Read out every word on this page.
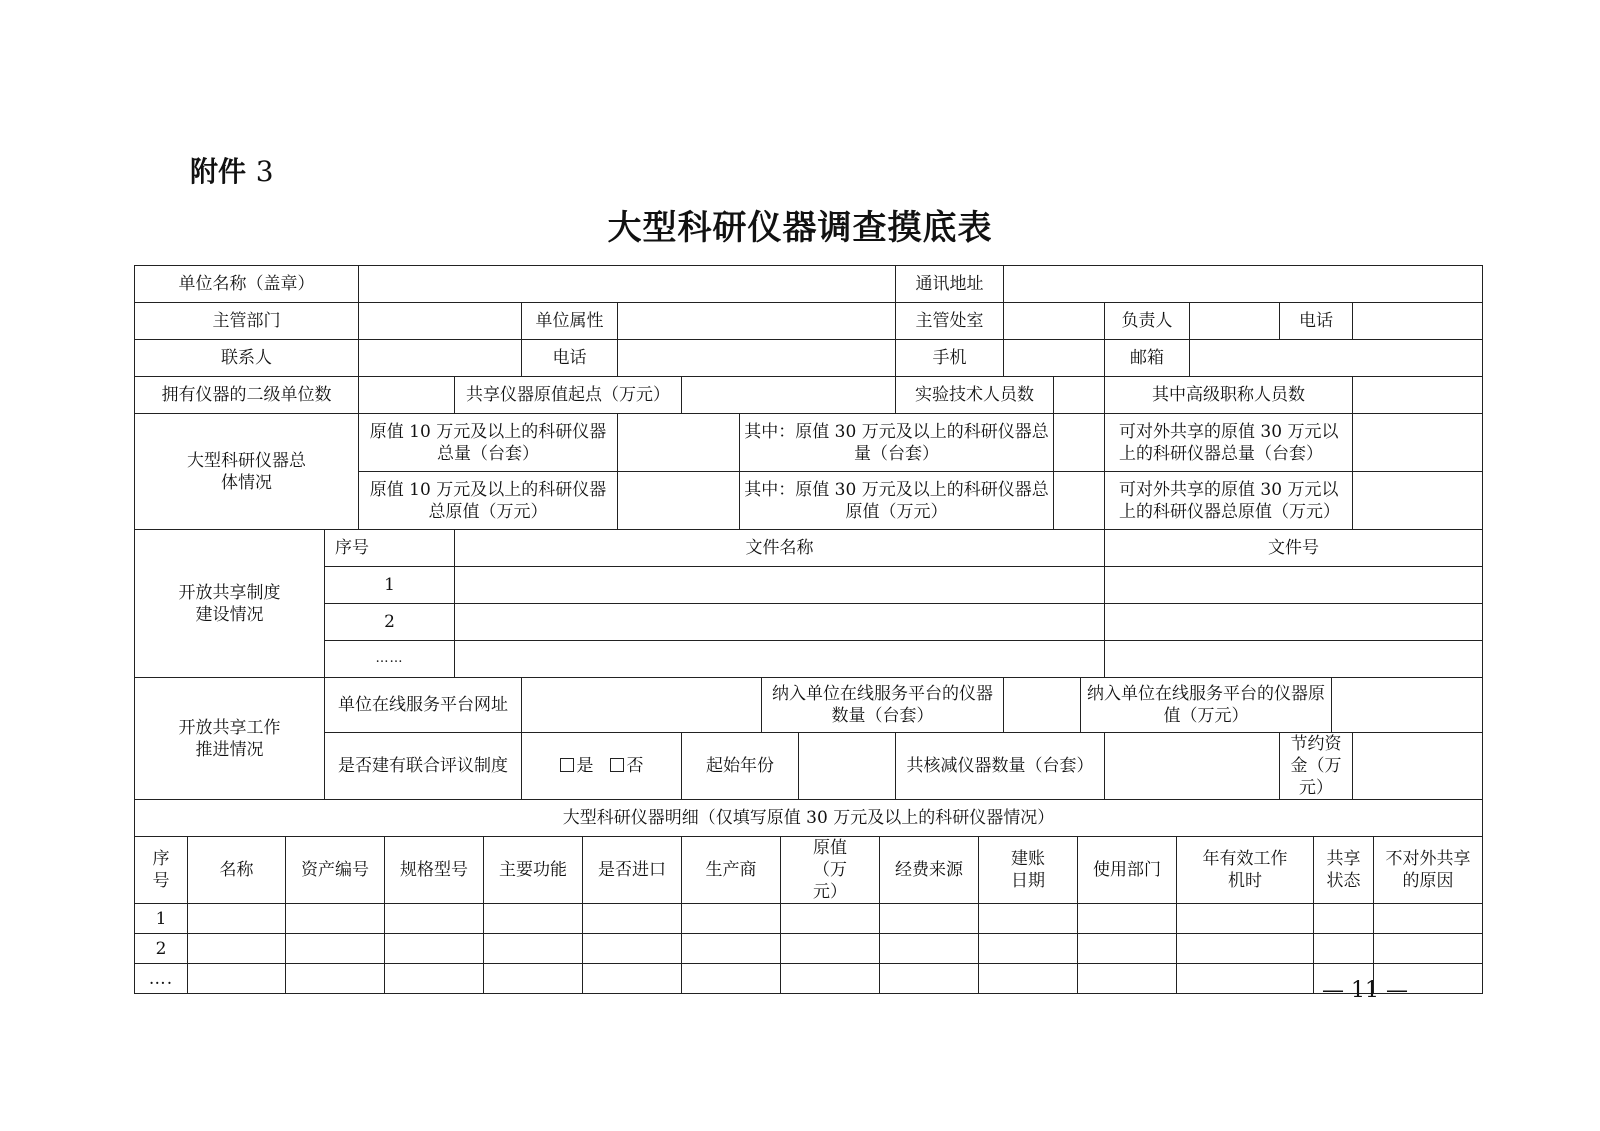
附件 3
大型科研仪器调查摸底表
单位名称（盖章）										通讯地址								
主管部门				单位属性						主管处室				负责人		电话		
联系人				电话						手机				邮箱				
拥有仪器的二级单位数			共享仪器原值起点（万元）							实验技术人员数				其中高级职称人员数				

大型科研仪器总体情况		原值 10 万元及以上的科研仪器总量（台套）					其中：原值 30 万元及以上的科研仪器总量（台套）							可对外共享的原值 30 万元以上的科研仪器总量（台套）				
		原值 10 万元及以上的科研仪器总原值（万元）					其中：原值 30 万元及以上的科研仪器总原值（万元）							可对外共享的原值 30 万元以上的科研仪器总原值（万元）				

开放共享制度建设情况	序号		文件名称											文件号				
	1																	
	2																	
	……																	

开放共享工作推进情况	单位在线服务平台网址							纳入单位在线服务平台的仪器数量（台套）					纳入单位在线服务平台的仪器原值（万元）					
	是否建有联合评议制度			是 否		起始年份				共核减仪器数量（台套）						节约资金（万元）		
大型科研仪器明细（仅填写原值 30 万元及以上的科研仪器情况）																		
序号	名称	资产编号	规格型号	主要功能	是否进口	生产商	原值（万元）	经费来源	建账日期	使用部门	年有效工作机时	共享状态	不对外共享的原因
1													
2													
….														— 11 —
